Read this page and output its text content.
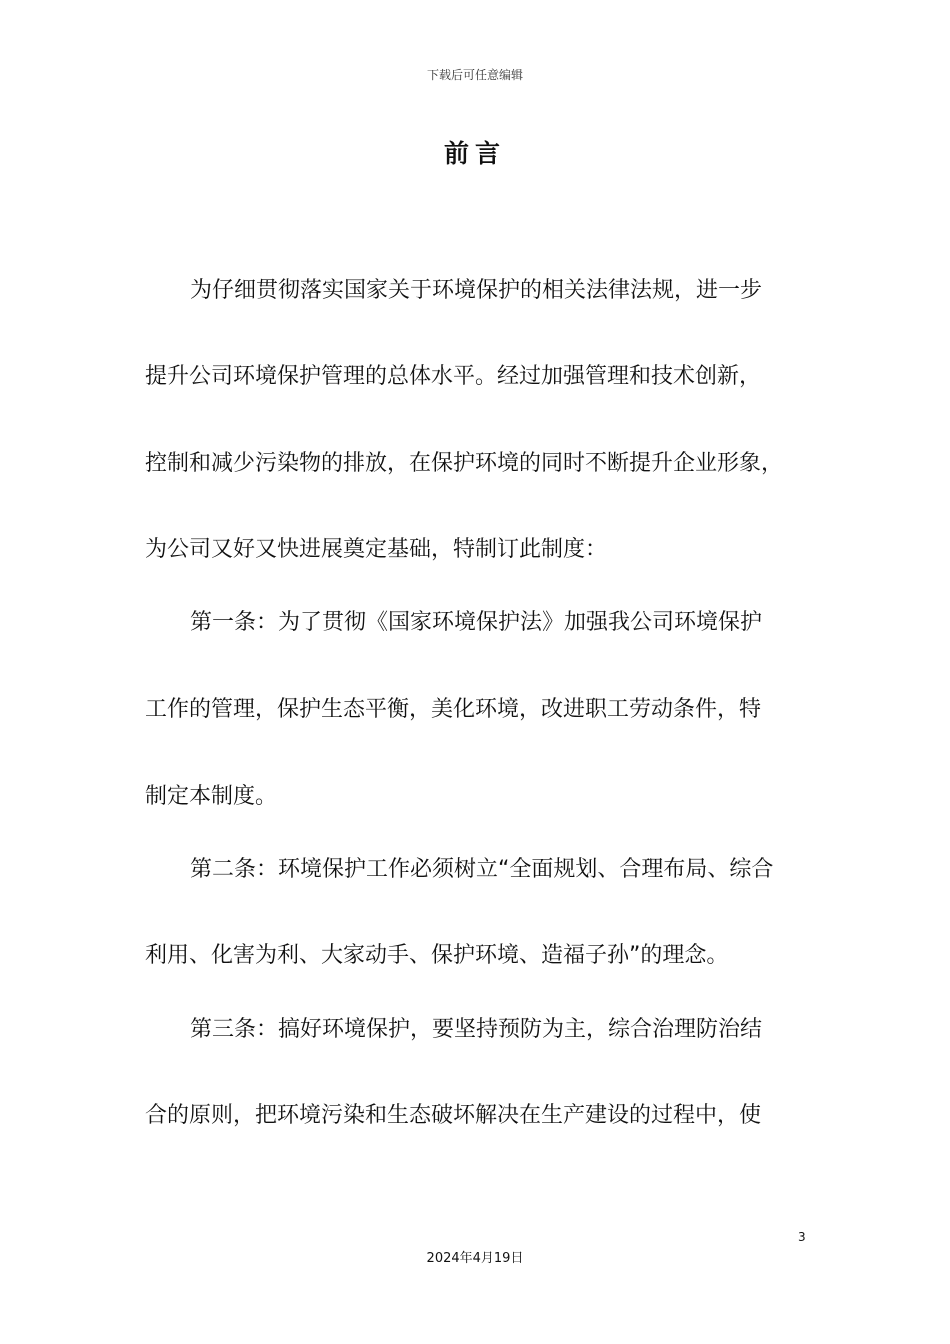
下载后可任意编辑
前言
为仔细贯彻落实国家关于环境保护的相关法律法规，进一步
提升公司环境保护管理的总体水平。经过加强管理和技术创新，
控制和减少污染物的排放，在保护环境的同时不断提升企业形象，
为公司又好又快进展奠定基础，特制订此制度：
第一条：为了贯彻《国家环境保护法》加强我公司环境保护
工作的管理，保护生态平衡，美化环境，改进职工劳动条件，特
制定本制度。
第二条：环境保护工作必须树立“全面规划、合理布局、综合
利用、化害为利、大家动手、保护环境、造福子孙”的理念。
第三条：搞好环境保护，要坚持预防为主，综合治理防治结
合的原则，把环境污染和生态破坏解决在生产建设的过程中，使
3
2024年4月19日
